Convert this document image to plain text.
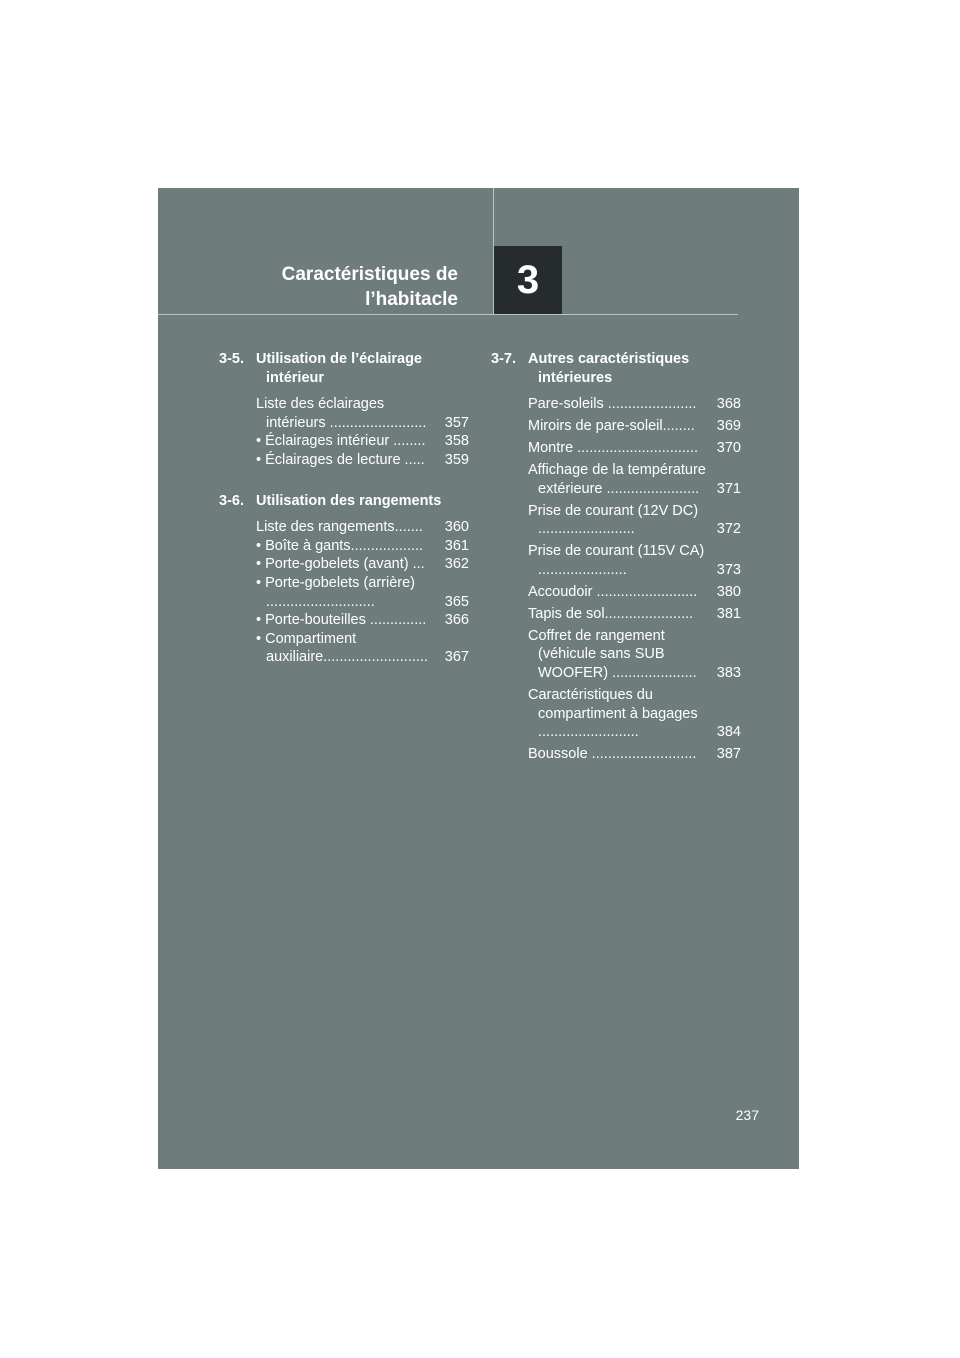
Caractéristiques de
l’habitacle 3
3-5. Utilisation de l’éclairage intérieur
Liste des éclairages intérieurs ........................	357
• Éclairages intérieur ........	358
• Éclairages de lecture .....	359
3-6. Utilisation des rangements
Liste des rangements.......	360
• Boîte à gants..................	361
• Porte-gobelets (avant) ...	362
• Porte-gobelets (arrière) ...........................	365
• Porte-bouteilles ..............	366
• Compartiment auxiliaire..........................	367
3-7. Autres caractéristiques intérieures
Pare-soleils ......................	368
Miroirs de pare-soleil........	369
Montre ..............................	370
Affichage de la température extérieure .......................	371
Prise de courant (12V DC) ........................	372
Prise de courant (115V CA) ......................	373
Accoudoir .........................	380
Tapis de sol......................	381
Coffret de rangement (véhicule sans SUB WOOFER) .....................	383
Caractéristiques du compartiment à bagages .........................	384
Boussole ..........................	387
237
